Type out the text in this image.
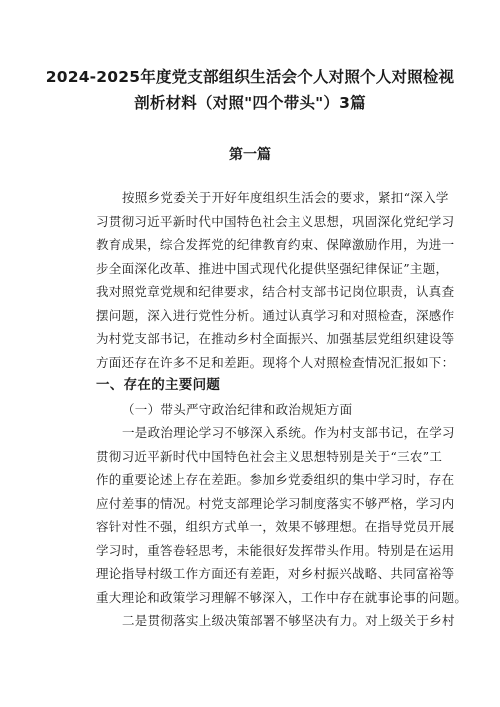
2024-2025年度党支部组织生活会个人对照个人对照检视
剖析材料（对照"四个带头"）3篇
第一篇
按照乡党委关于开好年度组织生活会的要求，紧扣“深入学
习贯彻习近平新时代中国特色社会主义思想，巩固深化党纪学习
教育成果，综合发挥党的纪律教育约束、保障激励作用，为进一
步全面深化改革、推进中国式现代化提供坚强纪律保证”主题，
我对照党章党规和纪律要求，结合村支部书记岗位职责，认真查
摆问题，深入进行党性分析。通过认真学习和对照检查，深感作
为村党支部书记，在推动乡村全面振兴、加强基层党组织建设等
方面还存在许多不足和差距。现将个人对照检查情况汇报如下：
一、存在的主要问题
（一）带头严守政治纪律和政治规矩方面
一是政治理论学习不够深入系统。作为村支部书记，在学习
贯彻习近平新时代中国特色社会主义思想特别是关于“三农”工
作的重要论述上存在差距。参加乡党委组织的集中学习时，存在
应付差事的情况。村党支部理论学习制度落实不够严格，学习内
容针对性不强，组织方式单一，效果不够理想。在指导党员开展
学习时，重答卷轻思考，未能很好发挥带头作用。特别是在运用
理论指导村级工作方面还有差距，对乡村振兴战略、共同富裕等
重大理论和政策学习理解不够深入，工作中存在就事论事的问题。
二是贯彻落实上级决策部署不够坚决有力。对上级关于乡村
